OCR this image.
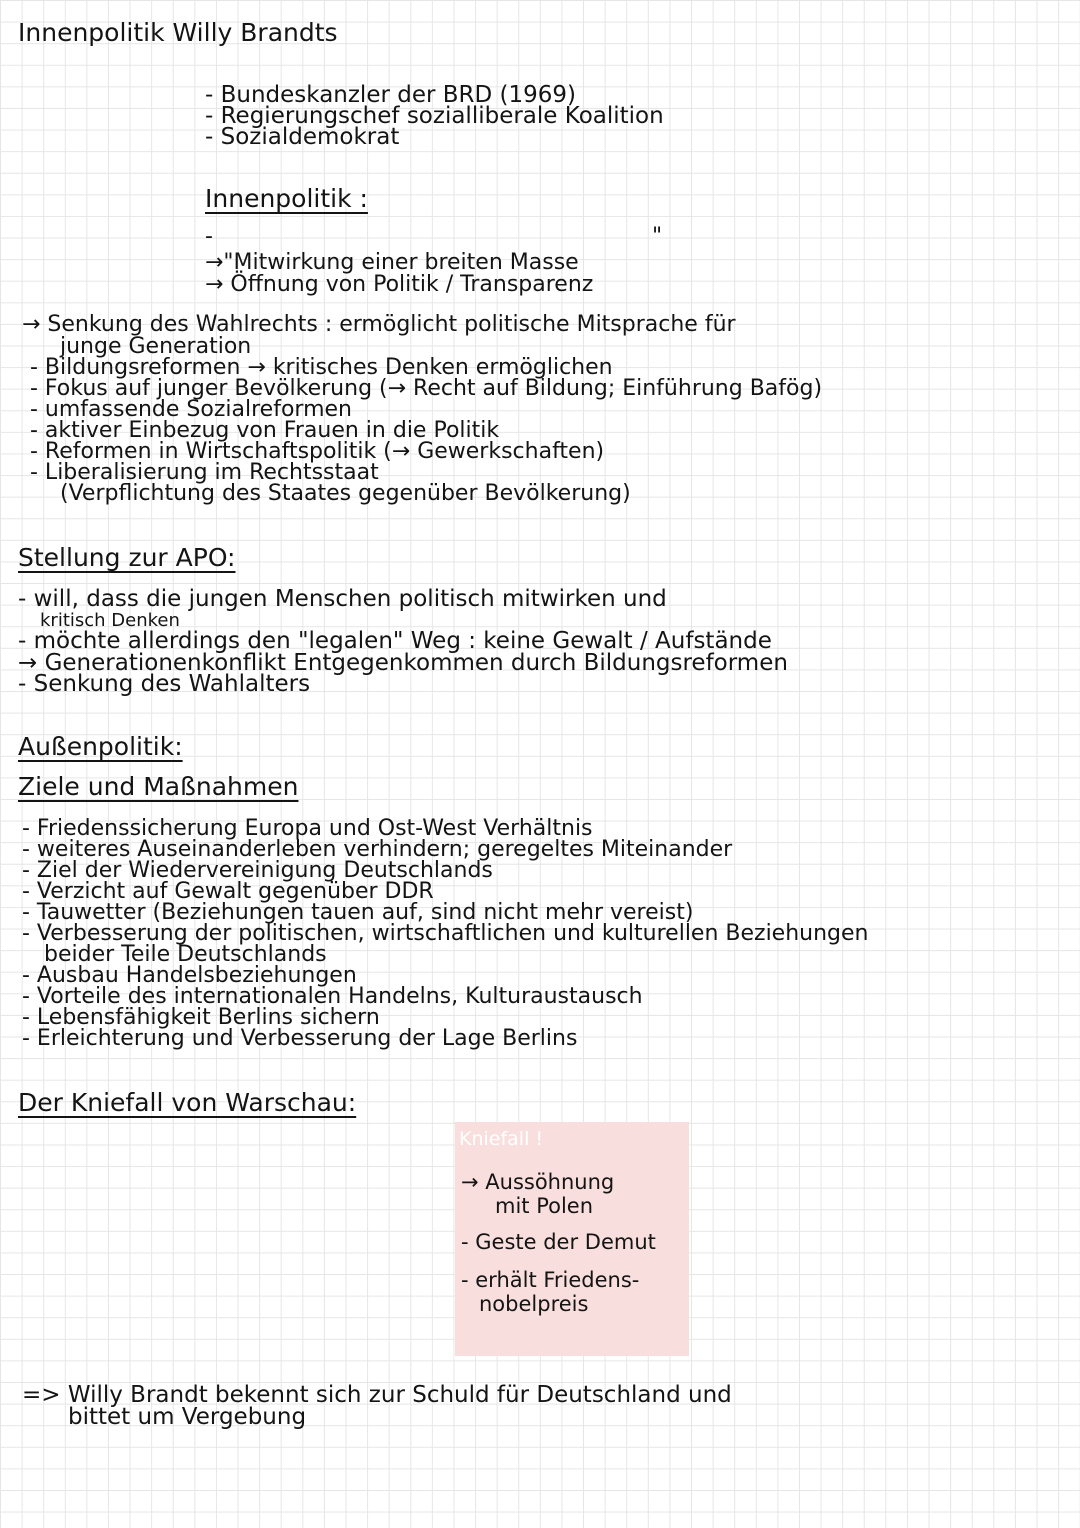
Innenpolitik Willy Brandts
- Bundeskanzler der BRD (1969)
- Regierungschef sozialliberale Koalition
- Sozialdemokrat
Innenpolitik :
-	"
→"Mitwirkung einer breiten Masse
→ Öffnung von Politik / Transparenz
→ Senkung des Wahlrechts : ermöglicht politische Mitsprache für
junge Generation
- Bildungsreformen → kritisches Denken ermöglichen
- Fokus auf junger Bevölkerung (→ Recht auf Bildung; Einführung Bafög)
- umfassende Sozialreformen
- aktiver Einbezug von Frauen in die Politik
- Reformen in Wirtschaftspolitik (→ Gewerkschaften)
- Liberalisierung im Rechtsstaat
(Verpflichtung des Staates gegenüber Bevölkerung)
Stellung zur APO:
- will, dass die jungen Menschen politisch mitwirken und
kritisch Denken
- möchte allerdings den "legalen" Weg : keine Gewalt / Aufstände
→ Generationenkonflikt Entgegenkommen durch Bildungsreformen
- Senkung des Wahlalters
Außenpolitik:
Ziele und Maßnahmen
- Friedenssicherung Europa und Ost-West Verhältnis
- weiteres Auseinanderleben verhindern; geregeltes Miteinander
- Ziel der Wiedervereinigung Deutschlands
- Verzicht auf Gewalt gegenüber DDR
- Tauwetter (Beziehungen tauen auf, sind nicht mehr vereist)
- Verbesserung der politischen, wirtschaftlichen und kulturellen Beziehungen
beider Teile Deutschlands
- Ausbau Handelsbeziehungen
- Vorteile des internationalen Handelns, Kulturaustausch
- Lebensfähigkeit Berlins sichern
- Erleichterung und Verbesserung der Lage Berlins
Der Kniefall von Warschau:
Kniefall !
→ Aussöhnung
mit Polen
- Geste der Demut
- erhält Friedens-
nobelpreis
=> Willy Brandt bekennt sich zur Schuld für Deutschland und
bittet um Vergebung
